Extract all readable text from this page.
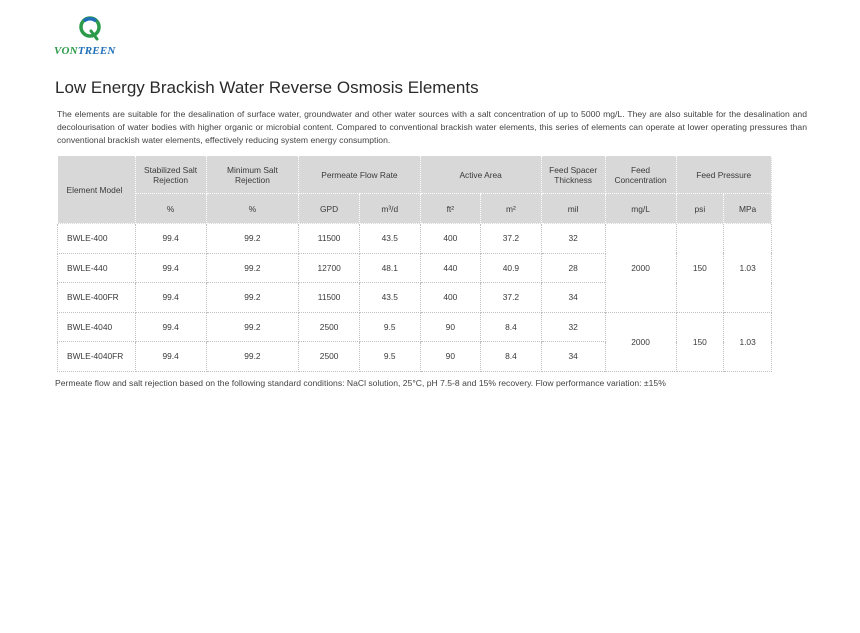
VONTREEN
Low Energy Brackish Water Reverse Osmosis Elements

The elements are suitable for the desalination of surface water, groundwater and other water sources with a salt concentration of up to 5000 mg/L. They are also suitable for the desalination and decolourisation of water bodies with higher organic or microbial content. Compared to conventional brackish water elements, this series of elements can operate at lower operating pressures than conventional brackish water elements, effectively reducing system energy consumption.

Element Model	Stabilized Salt Rejection	Minimum Salt Rejection	Permeate Flow Rate		Active Area		Feed Spacer Thickness	Feed Concentration	Feed Pressure	
	%	%	GPD	m³/d	ft²	m²	mil	mg/L	psi	MPa
BWLE-400	99.4	99.2	11500	43.5	400	37.2	32	2000	150	1.03
BWLE-440	99.4	99.2	12700	48.1	440	40.9	28			
BWLE-400FR	99.4	99.2	11500	43.5	400	37.2	34			
BWLE-4040	99.4	99.2	2500	9.5	90	8.4	32	2000	150	1.03
BWLE-4040FR	99.4	99.2	2500	9.5	90	8.4	34			

Permeate flow and salt rejection based on the following standard conditions: NaCl solution, 25°C, pH 7.5-8 and 15% recovery. Flow performance variation: ±15%
